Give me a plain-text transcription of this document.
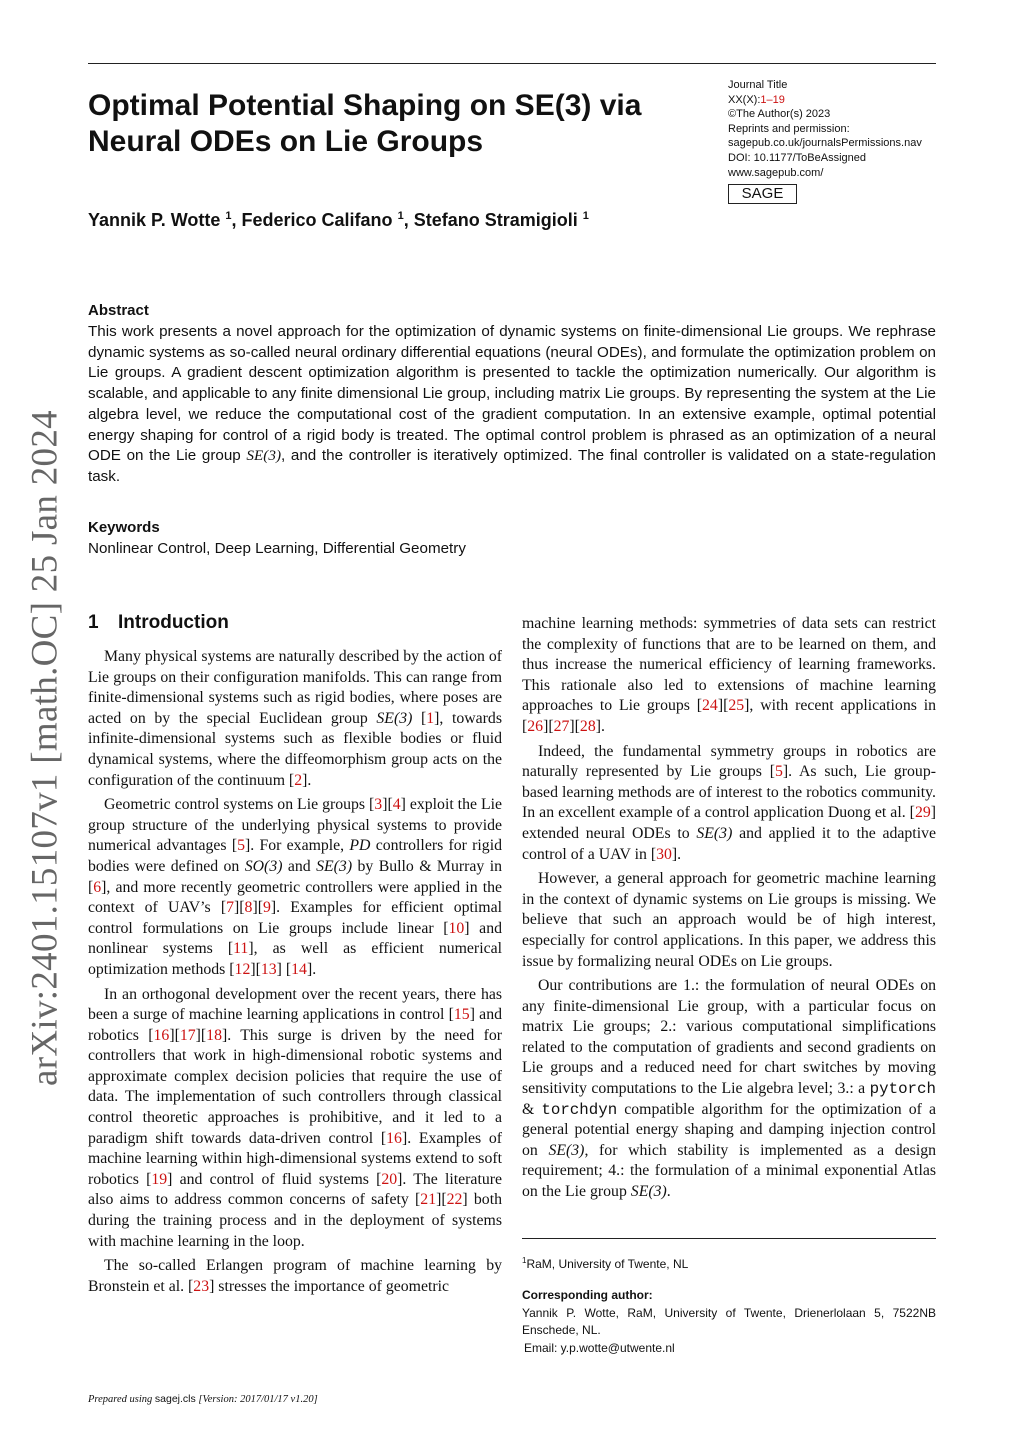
Optimal Potential Shaping on SE(3) via Neural ODEs on Lie Groups
Yannik P. Wotte $^1$, Federico Califano $^1$, Stefano Stramigioli $^1$
Journal Title
XX(X):1–19
©The Author(s) 2023
Reprints and permission:
sagepub.co.uk/journalsPermissions.nav
DOI: 10.1177/ToBeAssigned
www.sagepub.com/
SAGE
arXiv:2401.15107v1 [math.OC] 25 Jan 2024
Abstract

This work presents a novel approach for the optimization of dynamic systems on finite-dimensional Lie groups. We rephrase dynamic systems as so-called neural ordinary differential equations (neural ODEs), and formulate the optimization problem on Lie groups. A gradient descent optimization algorithm is presented to tackle the optimization numerically. Our algorithm is scalable, and applicable to any finite dimensional Lie group, including matrix Lie groups. By representing the system at the Lie algebra level, we reduce the computational cost of the gradient computation. In an extensive example, optimal potential energy shaping for control of a rigid body is treated. The optimal control problem is phrased as an optimization of a neural ODE on the Lie group SE(3), and the controller is iteratively optimized. The final controller is validated on a state-regulation task.

Keywords
Nonlinear Control, Deep Learning, Differential Geometry
1 Introduction

Many physical systems are naturally described by the action of Lie groups on their configuration manifolds. This can range from finite-dimensional systems such as rigid bodies, where poses are acted on by the special Euclidean group SE(3) [1], towards infinite-dimensional systems such as flexible bodies or fluid dynamical systems, where the diffeomorphism group acts on the configuration of the continuum [2].

Geometric control systems on Lie groups [3][4] exploit the Lie group structure of the underlying physical systems to provide numerical advantages [5]. For example, PD controllers for rigid bodies were defined on SO(3) and SE(3) by Bullo & Murray in [6], and more recently geometric controllers were applied in the context of UAV’s [7][8][9]. Examples for efficient optimal control formulations on Lie groups include linear [10] and nonlinear systems [11], as well as efficient numerical optimization methods [12][13] [14].

In an orthogonal development over the recent years, there has been a surge of machine learning applications in control [15] and robotics [16][17][18]. This surge is driven by the need for controllers that work in high-dimensional robotic systems and approximate complex decision policies that require the use of data. The implementation of such controllers through classical control theoretic approaches is prohibitive, and it led to a paradigm shift towards data-driven control [16]. Examples of machine learning within high-dimensional systems extend to soft robotics [19] and control of fluid systems [20]. The literature also aims to address common concerns of safety [21][22] both during the training process and in the deployment of systems with machine learning in the loop.

The so-called Erlangen program of machine learning by Bronstein et al. [23] stresses the importance of geometric

machine learning methods: symmetries of data sets can restrict the complexity of functions that are to be learned on them, and thus increase the numerical efficiency of learning frameworks. This rationale also led to extensions of machine learning approaches to Lie groups [24][25], with recent applications in [26][27][28].

Indeed, the fundamental symmetry groups in robotics are naturally represented by Lie groups [5]. As such, Lie group-based learning methods are of interest to the robotics community. In an excellent example of a control application Duong et al. [29] extended neural ODEs to SE(3) and applied it to the adaptive control of a UAV in [30].

However, a general approach for geometric machine learning in the context of dynamic systems on Lie groups is missing. We believe that such an approach would be of high interest, especially for control applications. In this paper, we address this issue by formalizing neural ODEs on Lie groups.

Our contributions are 1.: the formulation of neural ODEs on any finite-dimensional Lie group, with a particular focus on matrix Lie groups; 2.: various computational simplifications related to the computation of gradients and second gradients on Lie groups and a reduced need for chart switches by moving sensitivity computations to the Lie algebra level; 3.: a pytorch & torchdyn compatible algorithm for the optimization of a general potential energy shaping and damping injection control on SE(3), for which stability is implemented as a design requirement; 4.: the formulation of a minimal exponential Atlas on the Lie group SE(3).

$^1$RaM, University of Twente, NL
Corresponding author:
Yannik P. Wotte, RaM, University of Twente, Drienerlolaan 5, 7522NB Enschede, NL.
Email: y.p.wotte@utwente.nl
Prepared using sagej.cls [Version: 2017/01/17 v1.20]
